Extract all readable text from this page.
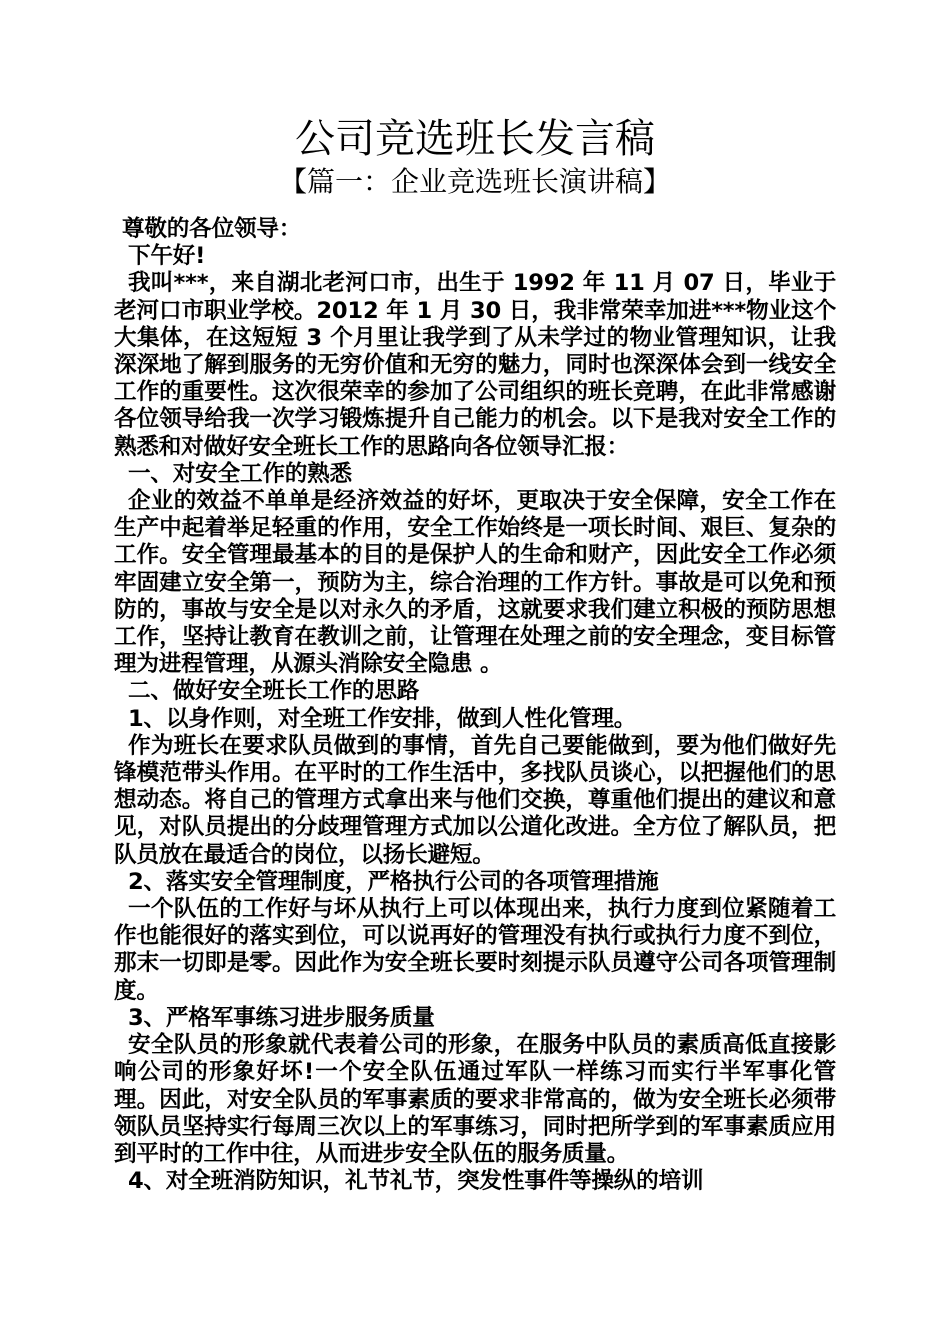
公司竞选班长发言稿
【篇一：企业竞选班长演讲稿】

尊敬的各位领导：

下午好!

我叫***，来自湖北老河口市，出生于 1992 年 11 月 07 日，毕业于老河口市职业学校。2012 年 1 月 30 日，我非常荣幸加进***物业这个大集体，在这短短 3 个月里让我学到了从未学过的物业管理知识，让我深深地了解到服务的无穷价值和无穷的魅力，同时也深深体会到一线安全工作的重要性。这次很荣幸的参加了公司组织的班长竞聘，在此非常感谢各位领导给我一次学习锻炼提升自己能力的机会。以下是我对安全工作的熟悉和对做好安全班长工作的思路向各位领导汇报：

一、对安全工作的熟悉

企业的效益不单单是经济效益的好坏，更取决于安全保障，安全工作在生产中起着举足轻重的作用，安全工作始终是一项长时间、艰巨、复杂的工作。安全管理最基本的目的是保护人的生命和财产，因此安全工作必须牢固建立安全第一，预防为主，综合治理的工作方针。事故是可以免和预防的，事故与安全是以对永久的矛盾，这就要求我们建立积极的预防思想工作，坚持让教育在教训之前，让管理在处理之前的安全理念，变目标管理为进程管理，从源头消除安全隐患 。

二、做好安全班长工作的思路

1、以身作则，对全班工作安排，做到人性化管理。

作为班长在要求队员做到的事情，首先自己要能做到，要为他们做好先锋模范带头作用。在平时的工作生活中，多找队员谈心，以把握他们的思想动态。将自己的管理方式拿出来与他们交换，尊重他们提出的建议和意见，对队员提出的分歧理管理方式加以公道化改进。全方位了解队员，把队员放在最适合的岗位，以扬长避短。

2、落实安全管理制度，严格执行公司的各项管理措施

一个队伍的工作好与坏从执行上可以体现出来，执行力度到位紧随着工作也能很好的落实到位，可以说再好的管理没有执行或执行力度不到位，那末一切即是零。因此作为安全班长要时刻提示队员遵守公司各项管理制度。

3、严格军事练习进步服务质量

安全队员的形象就代表着公司的形象，在服务中队员的素质高低直接影响公司的形象好坏!一个安全队伍通过军队一样练习而实行半军事化管理。因此，对安全队员的军事素质的要求非常高的，做为安全班长必须带领队员坚持实行每周三次以上的军事练习，同时把所学到的军事素质应用到平时的工作中往，从而进步安全队伍的服务质量。

4、对全班消防知识，礼节礼节，突发性事件等操纵的培训
